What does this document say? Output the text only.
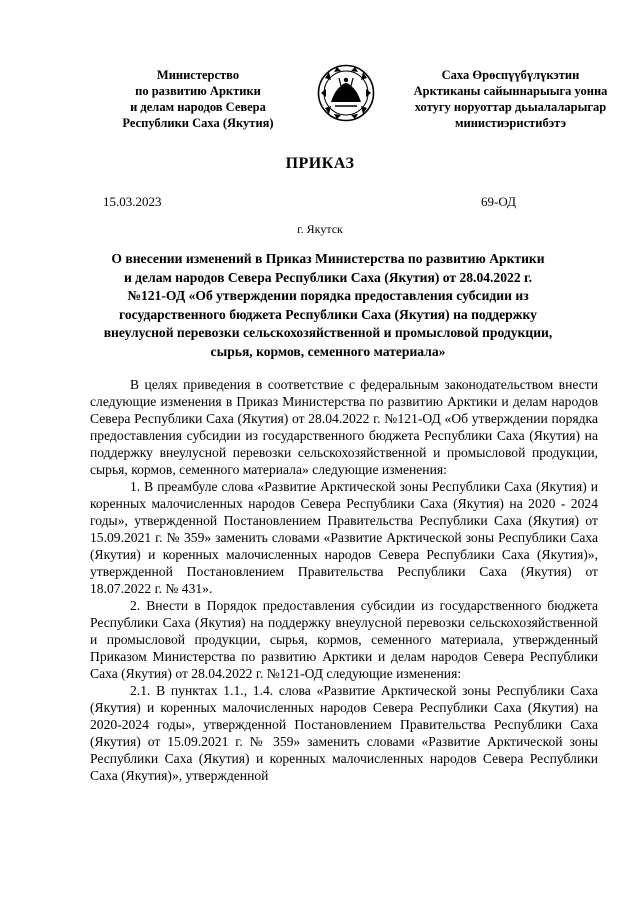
Министерство
по развитию Арктики
и делам народов Севера
Республики Саха (Якутия)
Саха Өрөспүүбүлүкэтин
Арктиканы сайыннарыыга уонна
хотугу норуоттар дьыалаларыгар
министиэристибэтэ
ПРИКАЗ
15.03.2023	69-ОД
г. Якутск
О внесении изменений в Приказ Министерства по развитию Арктики
и делам народов Севера Республики Саха (Якутия) от 28.04.2022 г.
№121-ОД «Об утверждении порядка предоставления субсидии из
государственного бюджета Республики Саха (Якутия) на поддержку
внеулусной перевозки сельскохозяйственной и промысловой продукции,
сырья, кормов, семенного материала»

В целях приведения в соответствие с федеральным законодательством внести следующие изменения в Приказ Министерства по развитию Арктики и делам народов Севера Республики Саха (Якутия) от 28.04.2022 г. №121-ОД «Об утверждении порядка предоставления субсидии из государственного бюджета Республики Саха (Якутия) на поддержку внеулусной перевозки сельскохозяйственной и промысловой продукции, сырья, кормов, семенного материала» следующие изменения:

1. В преамбуле слова «Развитие Арктической зоны Республики Саха (Якутия) и коренных малочисленных народов Севера Республики Саха (Якутия) на 2020 - 2024 годы», утвержденной Постановлением Правительства Республики Саха (Якутия) от 15.09.2021 г. № 359» заменить словами «Развитие Арктической зоны Республики Саха (Якутия) и коренных малочисленных народов Севера Республики Саха (Якутия)», утвержденной Постановлением Правительства Республики Саха (Якутия) от 18.07.2022 г. № 431».

2. Внести в Порядок предоставления субсидии из государственного бюджета Республики Саха (Якутия) на поддержку внеулусной перевозки сельскохозяйственной и промысловой продукции, сырья, кормов, семенного материала, утвержденный Приказом Министерства по развитию Арктики и делам народов Севера Республики Саха (Якутия) от 28.04.2022 г. №121-ОД следующие изменения:

2.1. В пунктах 1.1., 1.4. слова «Развитие Арктической зоны Республики Саха (Якутия) и коренных малочисленных народов Севера Республики Саха (Якутия) на 2020-2024 годы», утвержденной Постановлением Правительства Республики Саха (Якутия) от 15.09.2021 г. № 359» заменить словами «Развитие Арктической зоны Республики Саха (Якутия) и коренных малочисленных народов Севера Республики Саха (Якутия)», утвержденной
